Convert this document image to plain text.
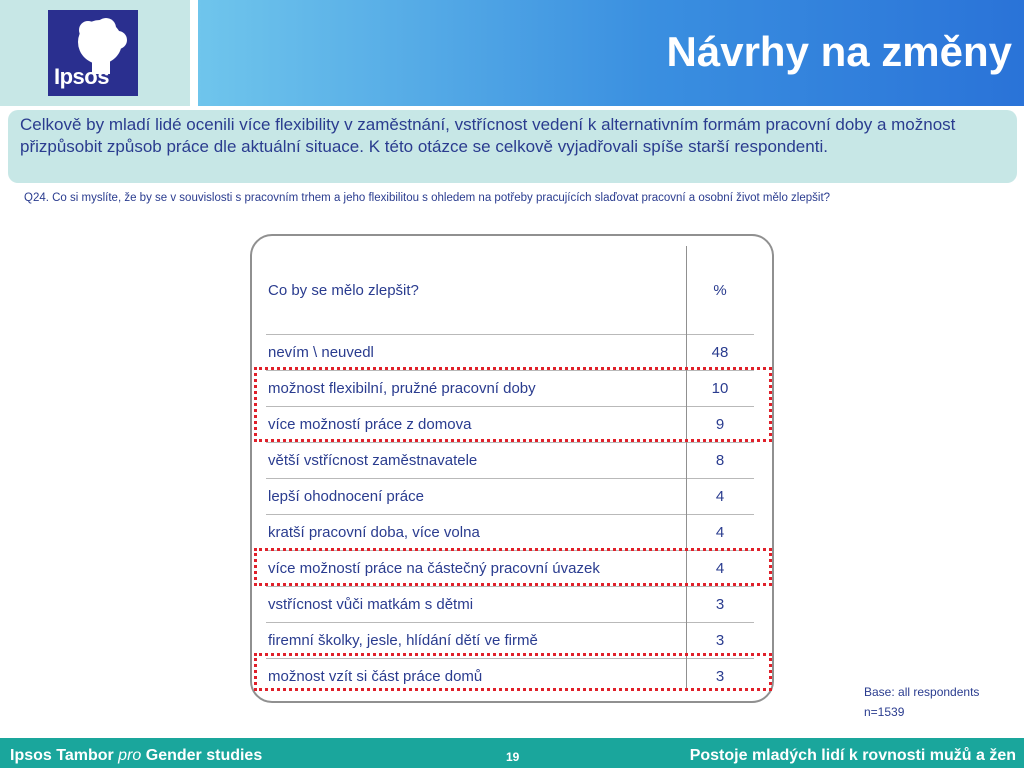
Ipsos
Návrhy na změny
Celkově by mladí lidé ocenili více flexibility v zaměstnání, vstřícnost vedení k alternativním formám pracovní doby a možnost přizpůsobit způsob práce dle aktuální situace. K této otázce se celkově vyjadřovali spíše starší respondenti.
Q24. Co si myslíte, že by se v souvislosti s pracovním trhem a jeho flexibilitou s ohledem na potřeby pracujících slaďovat pracovní a osobní život mělo zlepšit?
Co by se mělo zlepšit?	%
nevím \ neuvedl	48
možnost flexibilní, pružné pracovní doby	10
více možností práce z domova	9
větší vstřícnost zaměstnavatele	8
lepší ohodnocení práce	4
kratší pracovní doba, více volna	4
více možností práce na částečný pracovní úvazek	4
vstřícnost vůči matkám s dětmi	3
firemní školky, jesle, hlídání dětí ve firmě	3
možnost vzít si část práce domů	3
Base: all respondents
n=1539
Ipsos Tambor pro Gender studies	19	Postoje mladých lidí k rovnosti mužů a žen
